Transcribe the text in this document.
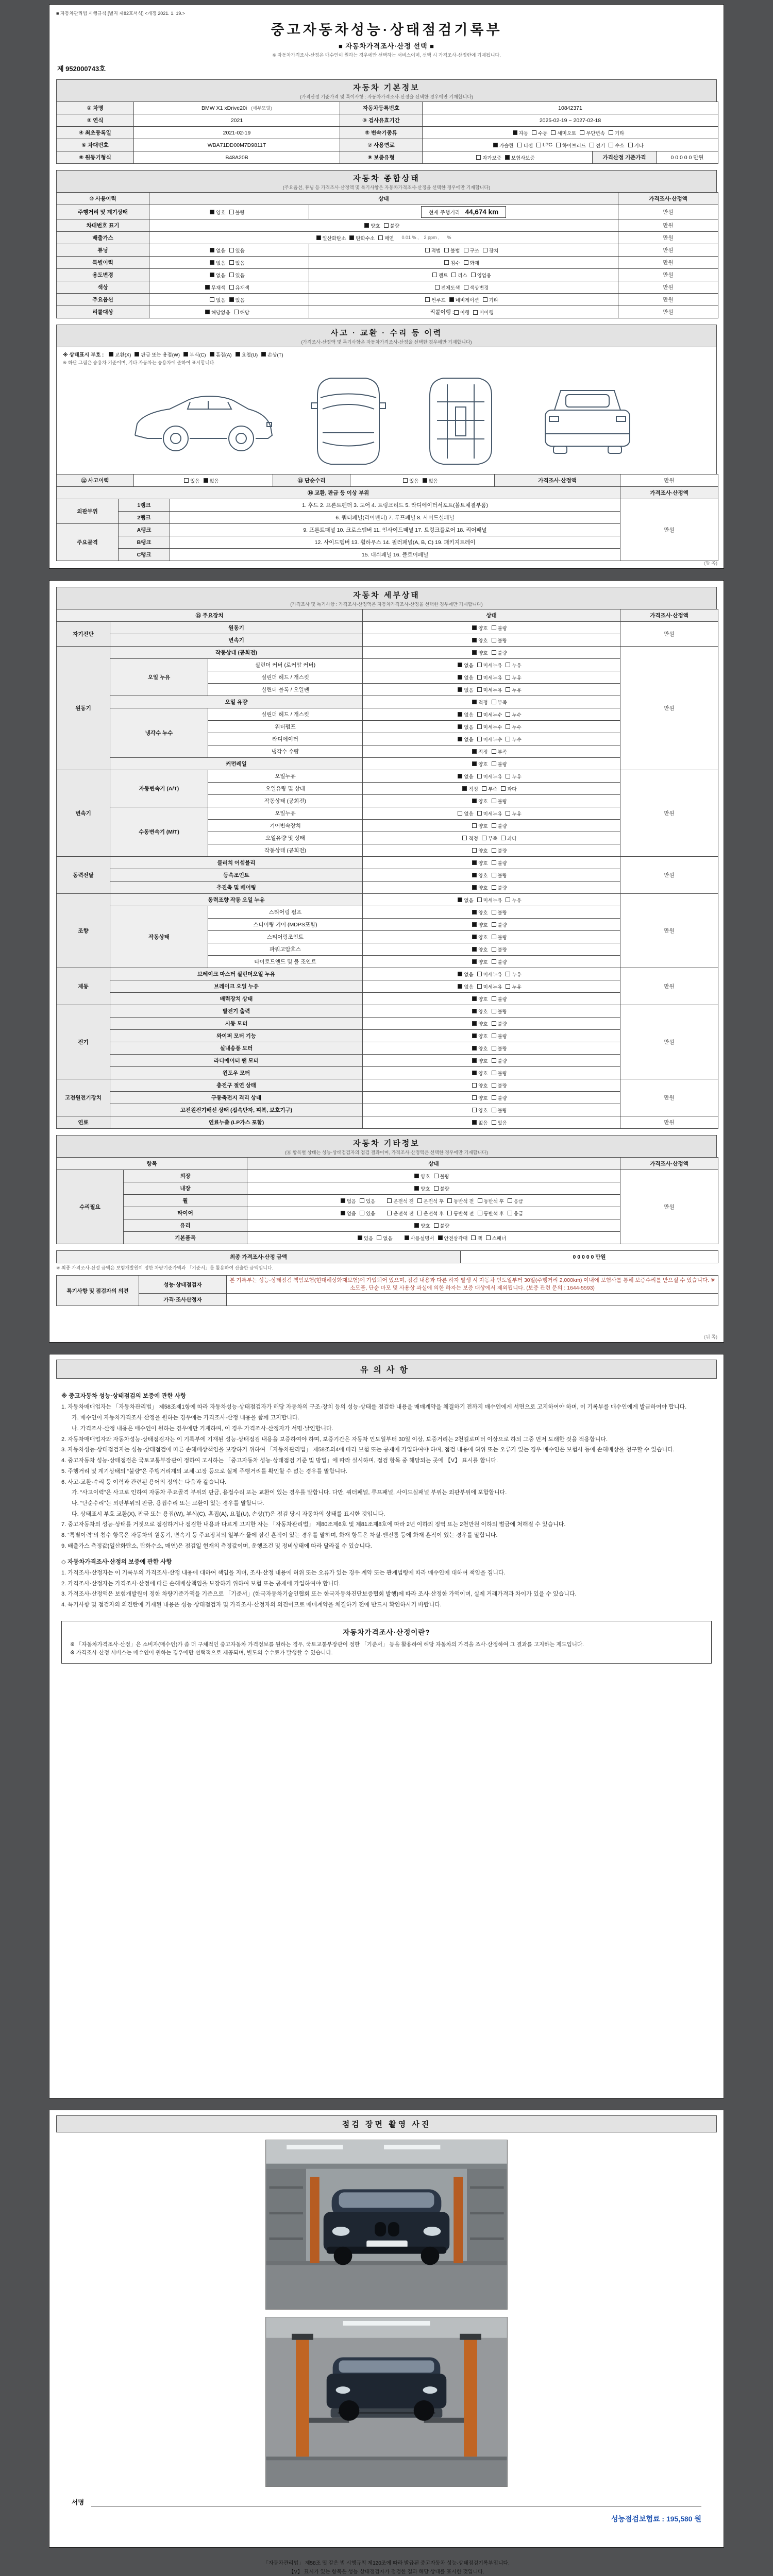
■ 자동차관리법 시행규칙 [별지 제82호서식] <개정 2021. 1. 19.>
중고자동차성능·상태점검기록부
■ 자동차가격조사·산정 선택 ■
※ 자동차가격조사·산정은 매수인이 원하는 경우에만 선택하는 서비스이며, 선택 시 가격조사·산정란에 기재됩니다.
제 952000743호
자동차 기본정보
(가격산정 기준가격 및 특이사항 : 자동차가격조사·산정을 선택한 경우에만 기재합니다)
① 차명	BMW X1 xDrive20i (세부모델)	자동차등록번호	10842371		
② 연식	2021	③ 검사유효기간	2025-02-19 ~ 2027-02-18		
④ 최초등록일	2021-02-19	⑤ 변속기종류	자동 수동 세미오토 무단변속 기타		

⑥ 차대번호	WBA71DD00M7D9811T	⑦ 사용연료	가솔린 디젤 LPG 하이브리드 전기 수소 기타

⑧ 원동기형식	B48A20B	⑨ 보증유형	자가보증 보험사보증	가격산정 기준가격	0 0 0 0 0 만원
자동차 종합상태
(주요옵션, 튜닝 등 가격조사·산정액 및 특기사항은 자동차가격조사·산정을 선택한 경우에만 기재합니다)
⑩ 사용이력	상태		가격조사·산정액
주행거리 및 계기상태	양호 불량	현재 주행거리 44,674 km	만원
차대번호 표기	양호 불량		만원
배출가스	일산화탄소 탄화수소 매연 0.01 % ,    2 ppm ,      %		만원
튜닝	없음 있음	적법 불법 구조 장치	만원
특별이력	없음 있음	침수 화재	만원
용도변경	없음 있음	렌트 리스 영업용	만원
색상	무채색 유채색	전체도색 색상변경	만원
주요옵션	없음 있음	썬루프 네비게이션 기타	만원
리콜대상	해당없음 해당	리콜이행 : 이행 미이행	만원
사고 · 교환 · 수리 등 이력
(가격조사·산정액 및 특기사항은 자동차가격조사·산정을 선택한 경우에만 기재합니다)
※ 상태표시 부호 : 교환(X) 판금 또는 용접(W) 부식(C) 흠집(A) 요철(U) 손상(T)
※ 하단 그림은 승용차 기준이며, 기타 자동차는 승용차에 준하여 표시합니다.
⑫ 사고이력	있음 없음	⑬ 단순수리	있음 없음	가격조사·산정액	만원
⑭ 교환, 판금 등 이상 부위			가격조사·산정액
외판부위	1랭크	1. 후드 2. 프론트펜더 3. 도어 4. 트렁크리드 5. 라디에이터서포트(볼트체결부품)	만원
	2랭크	6. 쿼터패널(리어펜더) 7. 루프패널 8. 사이드실패널	
주요골격	A랭크	9. 프론트패널 10. 크로스멤버 11. 인사이드패널 17. 트렁크플로어 18. 리어패널	
	B랭크	12. 사이드멤버 13. 휠하우스 14. 필러패널(A, B, C) 19. 패키지트레이	
	C랭크	15. 대쉬패널 16. 플로어패널	
(앞 쪽)
자동차 세부상태
(가격조사 및 특기사항 : 가격조사·산정액은 자동차가격조사·산정을 선택한 경우에만 기재합니다)
⑮ 주요장치			상태	가격조사·산정액
자기진단	원동기		양호 불량	만원
	변속기		양호 불량	

원동기	작동상태 (공회전)		양호 불량	만원
	오일 누유	실린더 커버 (로커암 커버)	없음 미세누유 누유	

		실린더 헤드 / 개스킷	없음 미세누유 누유	

		실린더 블록 / 오일팬	없음 미세누유 누유	

	오일 유량		적정 부족	

	냉각수 누수	실린더 헤드 / 개스킷	없음 미세누수 누수	

		워터펌프	없음 미세누수 누수	

		라디에이터	없음 미세누수 누수	

		냉각수 수량	적정 부족	

	커먼레일		양호 불량	

변속기	자동변속기 (A/T)	오일누유	없음 미세누유 누유	만원
		오일유량 및 상태	적정 부족 과다	

		작동상태 (공회전)	양호 불량	

	수동변속기 (M/T)	오일누유	없음 미세누유 누유	

		기어변속장치	양호 불량	

		오일유량 및 상태	적정 부족 과다	

		작동상태 (공회전)	양호 불량	

동력전달	클러치 어셈블리		양호 불량	만원
	등속조인트		양호 불량	

	추진축 및 베어링		양호 불량	

조향	동력조향 작동 오일 누유		없음 미세누유 누유	만원
	작동상태	스티어링 펌프	양호 불량	

		스티어링 기어 (MDPS포함)	양호 불량	

		스티어링조인트	양호 불량	

		파워고압호스	양호 불량	

		타이로드엔드 및 볼 조인트	양호 불량	

제동	브레이크 마스터 실린더오일 누유		없음 미세누유 누유	만원
	브레이크 오일 누유		없음 미세누유 누유	

	배력장치 상태		양호 불량	

전기	발전기 출력		양호 불량	만원
	시동 모터		양호 불량	

	와이퍼 모터 기능		양호 불량	

	실내송풍 모터		양호 불량	

	라디에이터 팬 모터		양호 불량	

	윈도우 모터		양호 불량	

고전원전기장치	충전구 절연 상태		양호 불량	만원
	구동축전지 격리 상태		양호 불량	

	고전원전기배선 상태 (접속단자, 피복, 보호기구)		양호 불량	

연료	연료누출 (LP가스 포함)		없음 있음	만원
자동차 기타정보
(⑯ 항목별 상태는 성능·상태점검자의 점검 결과이며, 가격조사·산정액은 선택한 경우에만 기재합니다)
항목		상태	가격조사·산정액
수리필요	외장	양호 불량	만원
	내장	양호 불량	

휠	없음 있음	운전석 전 운전석 후 동반석 전 동반석 후 응급

타이어	없음 있음	운전석 전 운전석 후 동반석 전 동반석 후 응급

	유리	양호 불량	

기본품목	있음 없음	사용설명서 안전삼각대 잭 스패너
최종 가격조사·산정 금액	0 0 0 0 0 만원
※ 최종 가격조사·산정 금액은 보험개발원이 정한 차량기준가액과 「기준서」를 활용하여 산출한 금액입니다.
특기사항 및 점검자의 의견	성능·상태점검자	본 기록부는 성능·상태점검 책임보험(현대해상화재보험)에 가입되어 있으며, 점검 내용과 다른 하자 발생 시 자동차 인도일부터 30일(주행거리 2,000km) 이내에 보험사를 통해 보증수리를 받으실 수 있습니다. ※ 소모품, 단순 마모 및 사용상 과실에 의한 하자는 보증 대상에서 제외됩니다. (보증 관련 문의 : 1644-5593)
	가격·조사산정자	
(뒤 쪽)
유의사항
※ 중고자동차 성능·상태점검의 보증에 관한 사항
1. 자동차매매업자는 「자동차관리법」 제58조제1항에 따라 자동차성능·상태점검자가 해당 자동차의 구조·장치 등의 성능·상태를 점검한 내용을 매매계약을 체결하기 전까지 매수인에게 서면으로 고지하여야 하며, 이 기록부를 매수인에게 발급하여야 합니다.
가. 매수인이 자동차가격조사·산정을 원하는 경우에는 가격조사·산정 내용을 함께 고지합니다.
나. 가격조사·산정 내용은 매수인이 원하는 경우에만 기재하며, 이 경우 가격조사·산정자가 서명·날인합니다.
2. 자동차매매업자와 자동차성능·상태점검자는 이 기록부에 기재된 성능·상태점검 내용을 보증하여야 하며, 보증기간은 자동차 인도일부터 30일 이상, 보증거리는 2천킬로미터 이상으로 하되 그중 먼저 도래한 것을 적용합니다.
3. 자동차성능·상태점검자는 성능·상태점검에 따른 손해배상책임을 보장하기 위하여 「자동차관리법」 제58조의4에 따라 보험 또는 공제에 가입하여야 하며, 점검 내용에 허위 또는 오류가 있는 경우 매수인은 보험사 등에 손해배상을 청구할 수 있습니다.
4. 중고자동차 성능·상태점검은 국토교통부장관이 정하여 고시하는 「중고자동차 성능·상태점검 기준 및 방법」에 따라 실시하며, 점검 항목 중 해당되는 곳에 【V】 표시를 합니다.
5. 주행거리 및 계기상태의 “불량”은 주행거리계의 교체·고장 등으로 실제 주행거리를 확인할 수 없는 경우를 말합니다.
6. 사고·교환·수리 등 이력과 관련된 용어의 정의는 다음과 같습니다.
가. “사고이력”은 사고로 인하여 자동차 주요골격 부위의 판금, 용접수리 또는 교환이 있는 경우를 말합니다. 다만, 쿼터패널, 루프패널, 사이드실패널 부위는 외판부위에 포함합니다.
나. “단순수리”는 외판부위의 판금, 용접수리 또는 교환이 있는 경우를 말합니다.
다. 상태표시 부호 교환(X), 판금 또는 용접(W), 부식(C), 흠집(A), 요철(U), 손상(T)은 점검 당시 자동차의 상태를 표시한 것입니다.
7. 중고자동차의 성능·상태를 거짓으로 점검하거나 점검한 내용과 다르게 고지한 자는 「자동차관리법」 제80조제6호 및 제81조제8호에 따라 2년 이하의 징역 또는 2천만원 이하의 벌금에 처해질 수 있습니다.
8. “특별이력”의 침수 항목은 자동차의 원동기, 변속기 등 주요장치의 일부가 물에 잠긴 흔적이 있는 경우를 말하며, 화재 항목은 차실·엔진룸 등에 화재 흔적이 있는 경우를 말합니다.
9. 배출가스 측정값(일산화탄소, 탄화수소, 매연)은 점검일 현재의 측정값이며, 운행조건 및 정비상태에 따라 달라질 수 있습니다.
◇ 자동차가격조사·산정의 보증에 관한 사항
1. 가격조사·산정자는 이 기록부의 가격조사·산정 내용에 대하여 책임을 지며, 조사·산정 내용에 허위 또는 오류가 있는 경우 계약 또는 관계법령에 따라 매수인에 대하여 책임을 집니다.
2. 가격조사·산정자는 가격조사·산정에 따른 손해배상책임을 보장하기 위하여 보험 또는 공제에 가입하여야 합니다.
3. 가격조사·산정액은 보험개발원이 정한 차량기준가액을 기준으로 「기준서」(한국자동차기술인협회 또는 한국자동차진단보증협회 발행)에 따라 조사·산정한 가액이며, 실제 거래가격과 차이가 있을 수 있습니다.
4. 특기사항 및 점검자의 의견란에 기재된 내용은 성능·상태점검자 및 가격조사·산정자의 의견이므로 매매계약을 체결하기 전에 반드시 확인하시기 바랍니다.
자동차가격조사·산정이란?
※ 「자동차가격조사·산정」은 소비자(매수인)가 좀 더 구체적인 중고자동차 가격정보를 원하는 경우, 국토교통부장관이 정한 「기준서」 등을 활용하여 해당 자동차의 가격을 조사·산정하여 그 결과를 고지하는 제도입니다.
※ 가격조사·산정 서비스는 매수인이 원하는 경우에만 선택적으로 제공되며, 별도의 수수료가 발생할 수 있습니다.
점검 장면 촬영 사진
서명
성능점검보험료 : 195,580 원
「자동차관리법」 제58조 및 같은 법 시행규칙 제120조에 따라 발급된 중고자동차 성능·상태점검기록부입니다.
【V】 표시가 있는 항목은 성능·상태점검자가 점검한 결과 해당 상태를 표시한 것입니다.
